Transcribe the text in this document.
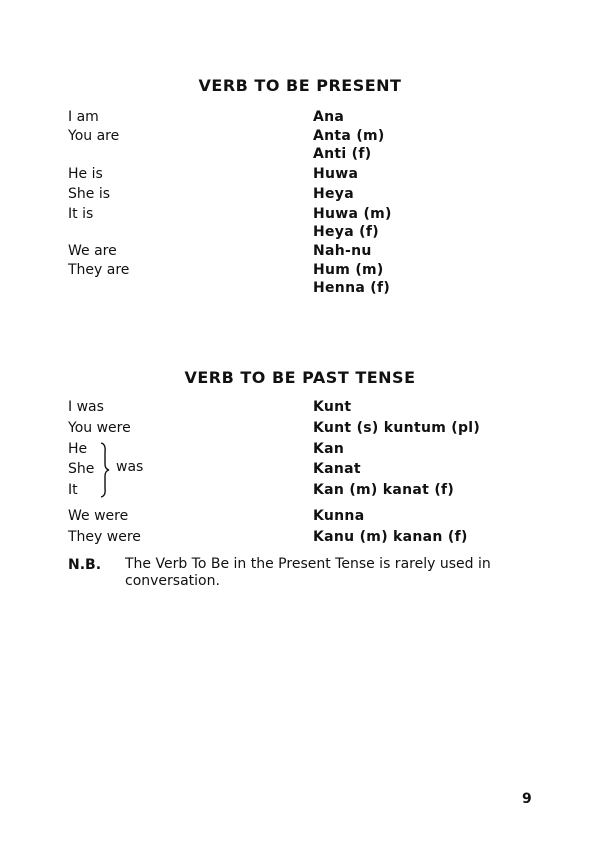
VERB TO BE PRESENT
I am	Ana
You are	Anta (m)
Anti (f)
He is	Huwa
She is	Heya
It is	Huwa (m)
Heya (f)
We are	Nah-nu
They are	Hum (m)
Henna (f)
VERB TO BE PAST TENSE
I was	Kunt
You were	Kunt (s) kuntum (pl)
He	Kan
She	Kanat
It	Kan (m) kanat (f)
was
We were	Kunna
They were	Kanu (m) kanan (f)
N.B. The Verb To Be in the Present Tense is rarely used in conversation.
9
